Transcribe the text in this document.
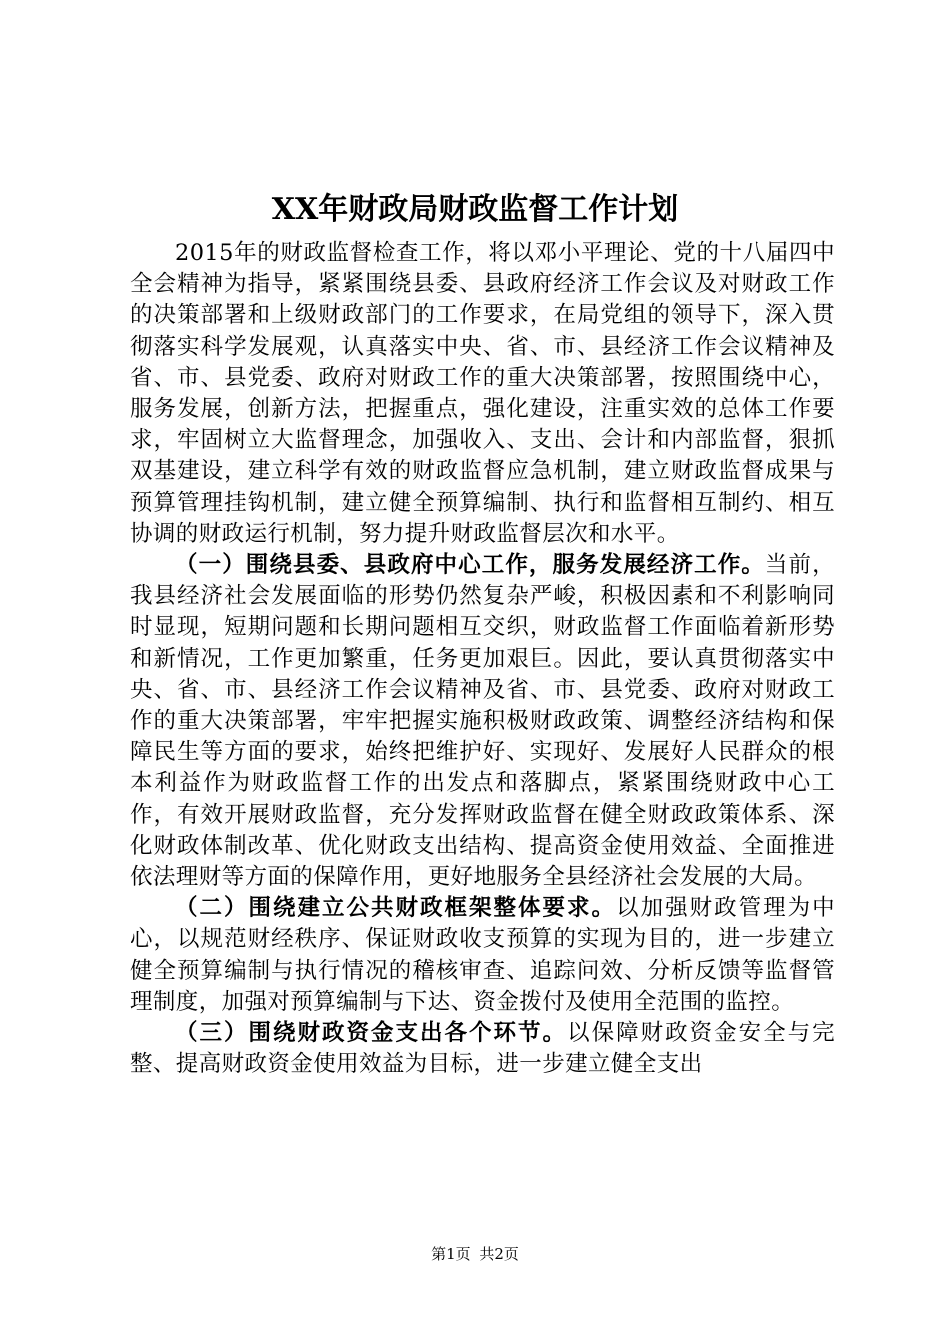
XX年财政局财政监督工作计划

2015年的财政监督检查工作，将以邓小平理论、党的十八届四中全会精神为指导，紧紧围绕县委、县政府经济工作会议及对财政工作的决策部署和上级财政部门的工作要求，在局党组的领导下，深入贯彻落实科学发展观，认真落实中央、省、市、县经济工作会议精神及省、市、县党委、政府对财政工作的重大决策部署，按照围绕中心，服务发展，创新方法，把握重点，强化建设，注重实效的总体工作要求，牢固树立大监督理念，加强收入、支出、会计和内部监督，狠抓双基建设，建立科学有效的财政监督应急机制，建立财政监督成果与预算管理挂钩机制，建立健全预算编制、执行和监督相互制约、相互协调的财政运行机制，努力提升财政监督层次和水平。

（一）围绕县委、县政府中心工作，服务发展经济工作。当前，我县经济社会发展面临的形势仍然复杂严峻，积极因素和不利影响同时显现，短期问题和长期问题相互交织，财政监督工作面临着新形势和新情况，工作更加繁重，任务更加艰巨。因此，要认真贯彻落实中央、省、市、县经济工作会议精神及省、市、县党委、政府对财政工作的重大决策部署，牢牢把握实施积极财政政策、调整经济结构和保障民生等方面的要求，始终把维护好、实现好、发展好人民群众的根本利益作为财政监督工作的出发点和落脚点，紧紧围绕财政中心工作，有效开展财政监督，充分发挥财政监督在健全财政政策体系、深化财政体制改革、优化财政支出结构、提高资金使用效益、全面推进依法理财等方面的保障作用，更好地服务全县经济社会发展的大局。

（二）围绕建立公共财政框架整体要求。以加强财政管理为中心，以规范财经秩序、保证财政收支预算的实现为目的，进一步建立健全预算编制与执行情况的稽核审查、追踪问效、分析反馈等监督管理制度，加强对预算编制与下达、资金拨付及使用全范围的监控。

（三）围绕财政资金支出各个环节。以保障财政资金安全与完整、提高财政资金使用效益为目标，进一步建立健全支出

第1页 共2页
